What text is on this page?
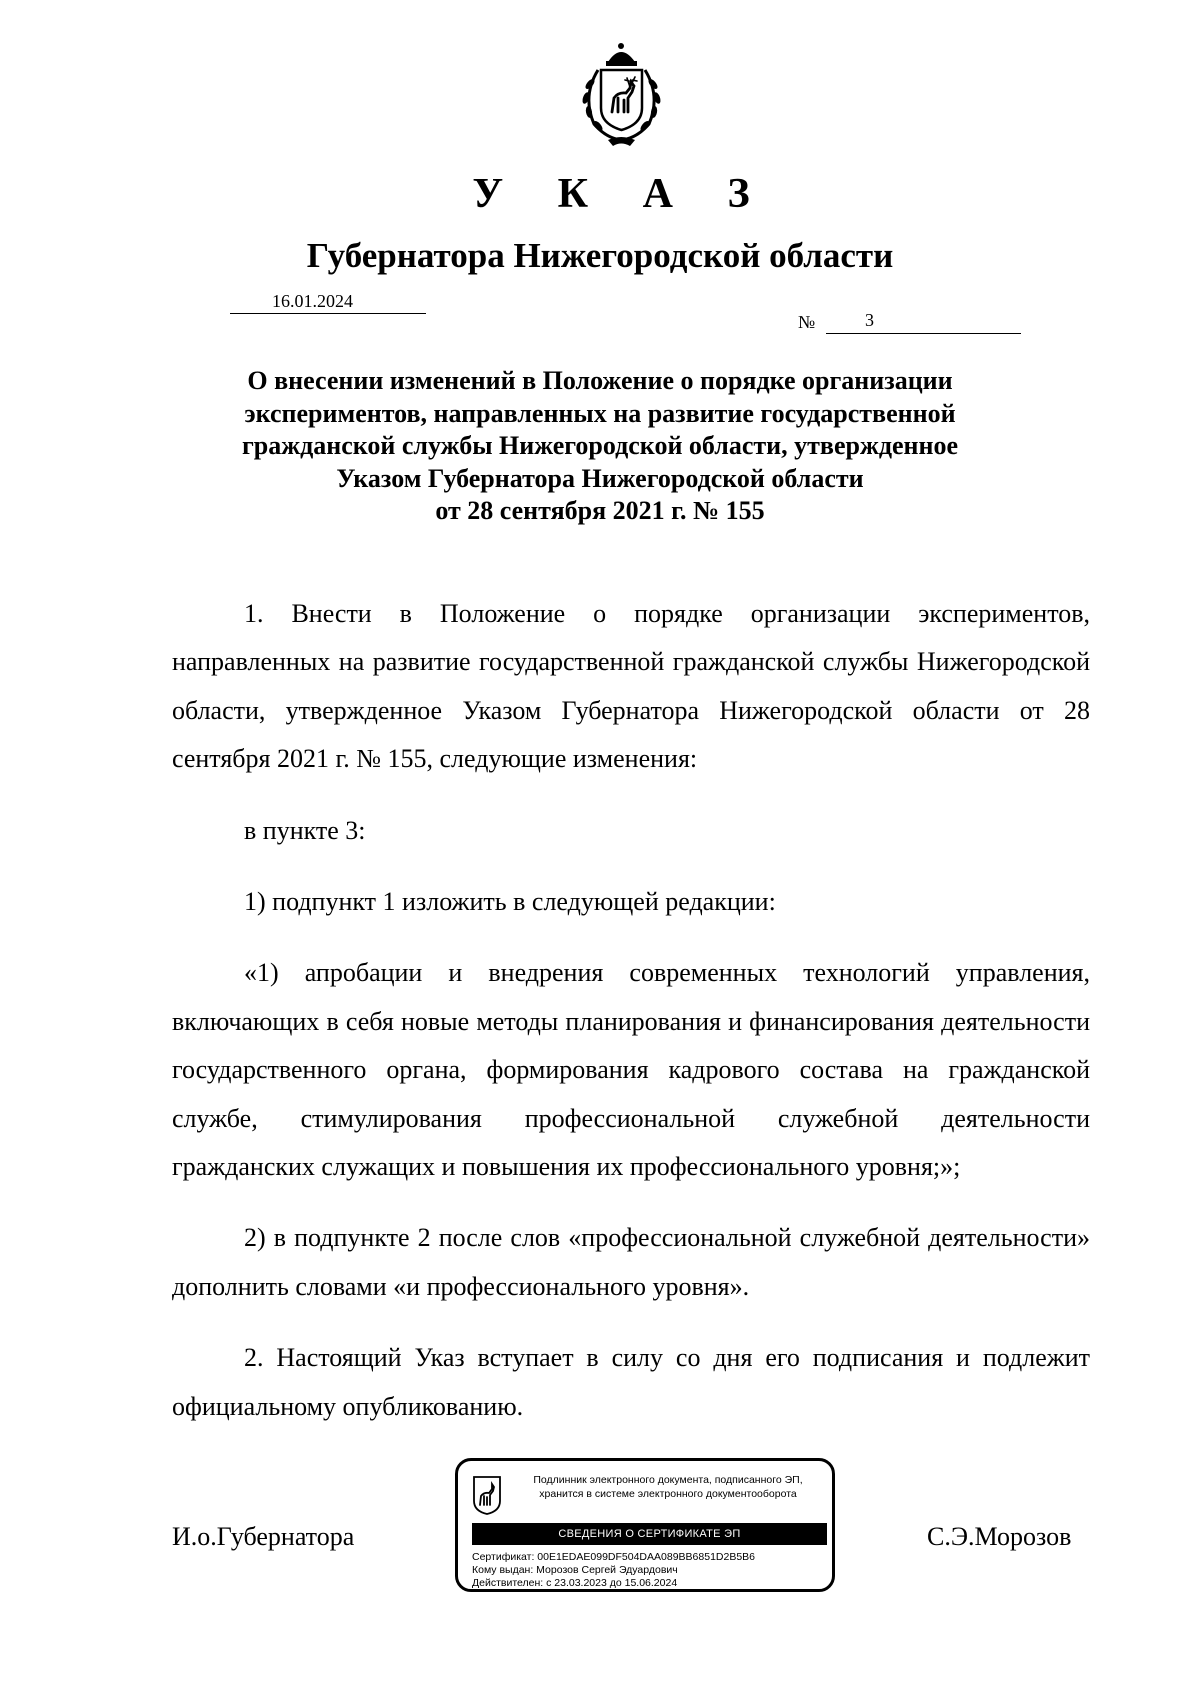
У К А З
Губернатора Нижегородской области
16.01.2024
№	3
О внесении изменений в Положение о порядке организации
экспериментов, направленных на развитие государственной
гражданской службы Нижегородской области, утвержденное
Указом Губернатора Нижегородской области
от 28 сентября 2021 г. № 155

1. Внести в Положение о порядке организации экспериментов, направленных на развитие государственной гражданской службы Нижегородской области, утвержденное Указом Губернатора Нижегородской области от 28 сентября 2021 г. № 155, следующие изменения:

в пункте 3:

1) подпункт 1 изложить в следующей редакции:

«1) апробации и внедрения современных технологий управления, включающих в себя новые методы планирования и финансирования деятельности государственного органа, формирования кадрового состава на гражданской службе, стимулирования профессиональной служебной деятельности гражданских служащих и повышения их профессионального уровня;»;

2) в подпункте 2 после слов «профессиональной служебной деятельности» дополнить словами «и профессионального уровня».

2. Настоящий Указ вступает в силу со дня его подписания и подлежит официальному опубликованию.

И.о.Губернатора
Подлинник электронного документа, подписанного ЭП,
хранится в системе электронного документооборота
СВЕДЕНИЯ О СЕРТИФИКАТЕ ЭП
Сертификат: 00E1EDAE099DF504DAA089BB6851D2B5B6
Кому выдан: Морозов Сергей Эдуардович
Действителен: с 23.03.2023 до 15.06.2024
С.Э.Морозов
